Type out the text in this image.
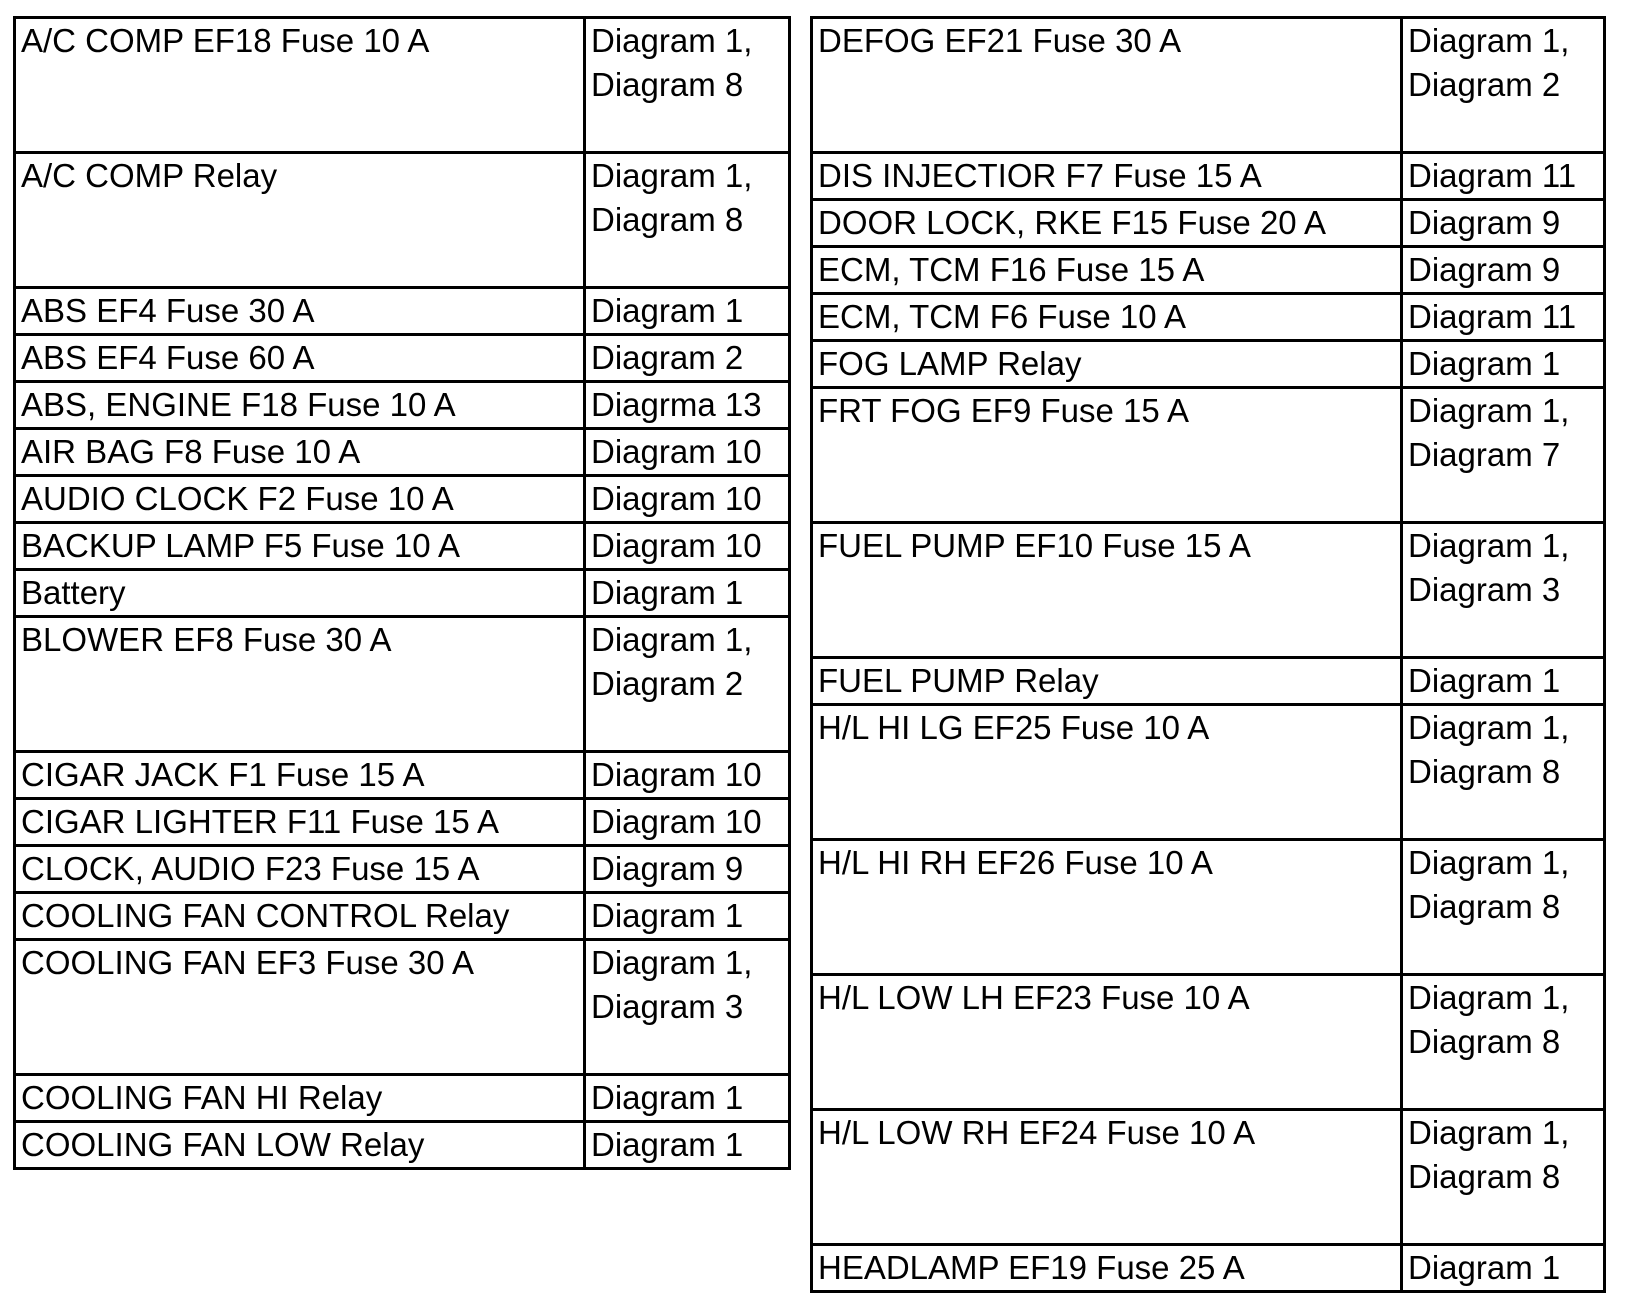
A/C COMP EF18 Fuse 10 A	Diagram 1,
Diagram 8

A/C COMP Relay	Diagram 1,
Diagram 8

ABS EF4 Fuse 30 A	Diagram 1

ABS EF4 Fuse 60 A	Diagram 2

ABS, ENGINE F18 Fuse 10 A	Diagrma 13

AIR BAG F8 Fuse 10 A	Diagram 10

AUDIO CLOCK F2 Fuse 10 A	Diagram 10

BACKUP LAMP F5 Fuse 10 A	Diagram 10

Battery	Diagram 1

BLOWER EF8 Fuse 30 A	Diagram 1,
Diagram 2

CIGAR JACK F1 Fuse 15 A	Diagram 10

CIGAR LIGHTER F11 Fuse 15 A	Diagram 10

CLOCK, AUDIO F23 Fuse 15 A	Diagram 9

COOLING FAN CONTROL Relay	Diagram 1

COOLING FAN EF3 Fuse 30 A	Diagram 1,
Diagram 3

COOLING FAN HI Relay	Diagram 1

COOLING FAN LOW Relay	Diagram 1
DEFOG EF21 Fuse 30 A	Diagram 1,
Diagram 2

DIS INJECTIOR F7 Fuse 15 A	Diagram 11

DOOR LOCK, RKE F15 Fuse 20 A	Diagram 9

ECM, TCM F16 Fuse 15 A	Diagram 9

ECM, TCM F6 Fuse 10 A	Diagram 11

FOG LAMP Relay	Diagram 1

FRT FOG EF9 Fuse 15 A	Diagram 1,
Diagram 7

FUEL PUMP EF10 Fuse 15 A	Diagram 1,
Diagram 3

FUEL PUMP Relay	Diagram 1

H/L HI LG EF25 Fuse 10 A	Diagram 1,
Diagram 8

H/L HI RH EF26 Fuse 10 A	Diagram 1,
Diagram 8

H/L LOW LH EF23 Fuse 10 A	Diagram 1,
Diagram 8

H/L LOW RH EF24 Fuse 10 A	Diagram 1,
Diagram 8

HEADLAMP EF19 Fuse 25 A	Diagram 1
